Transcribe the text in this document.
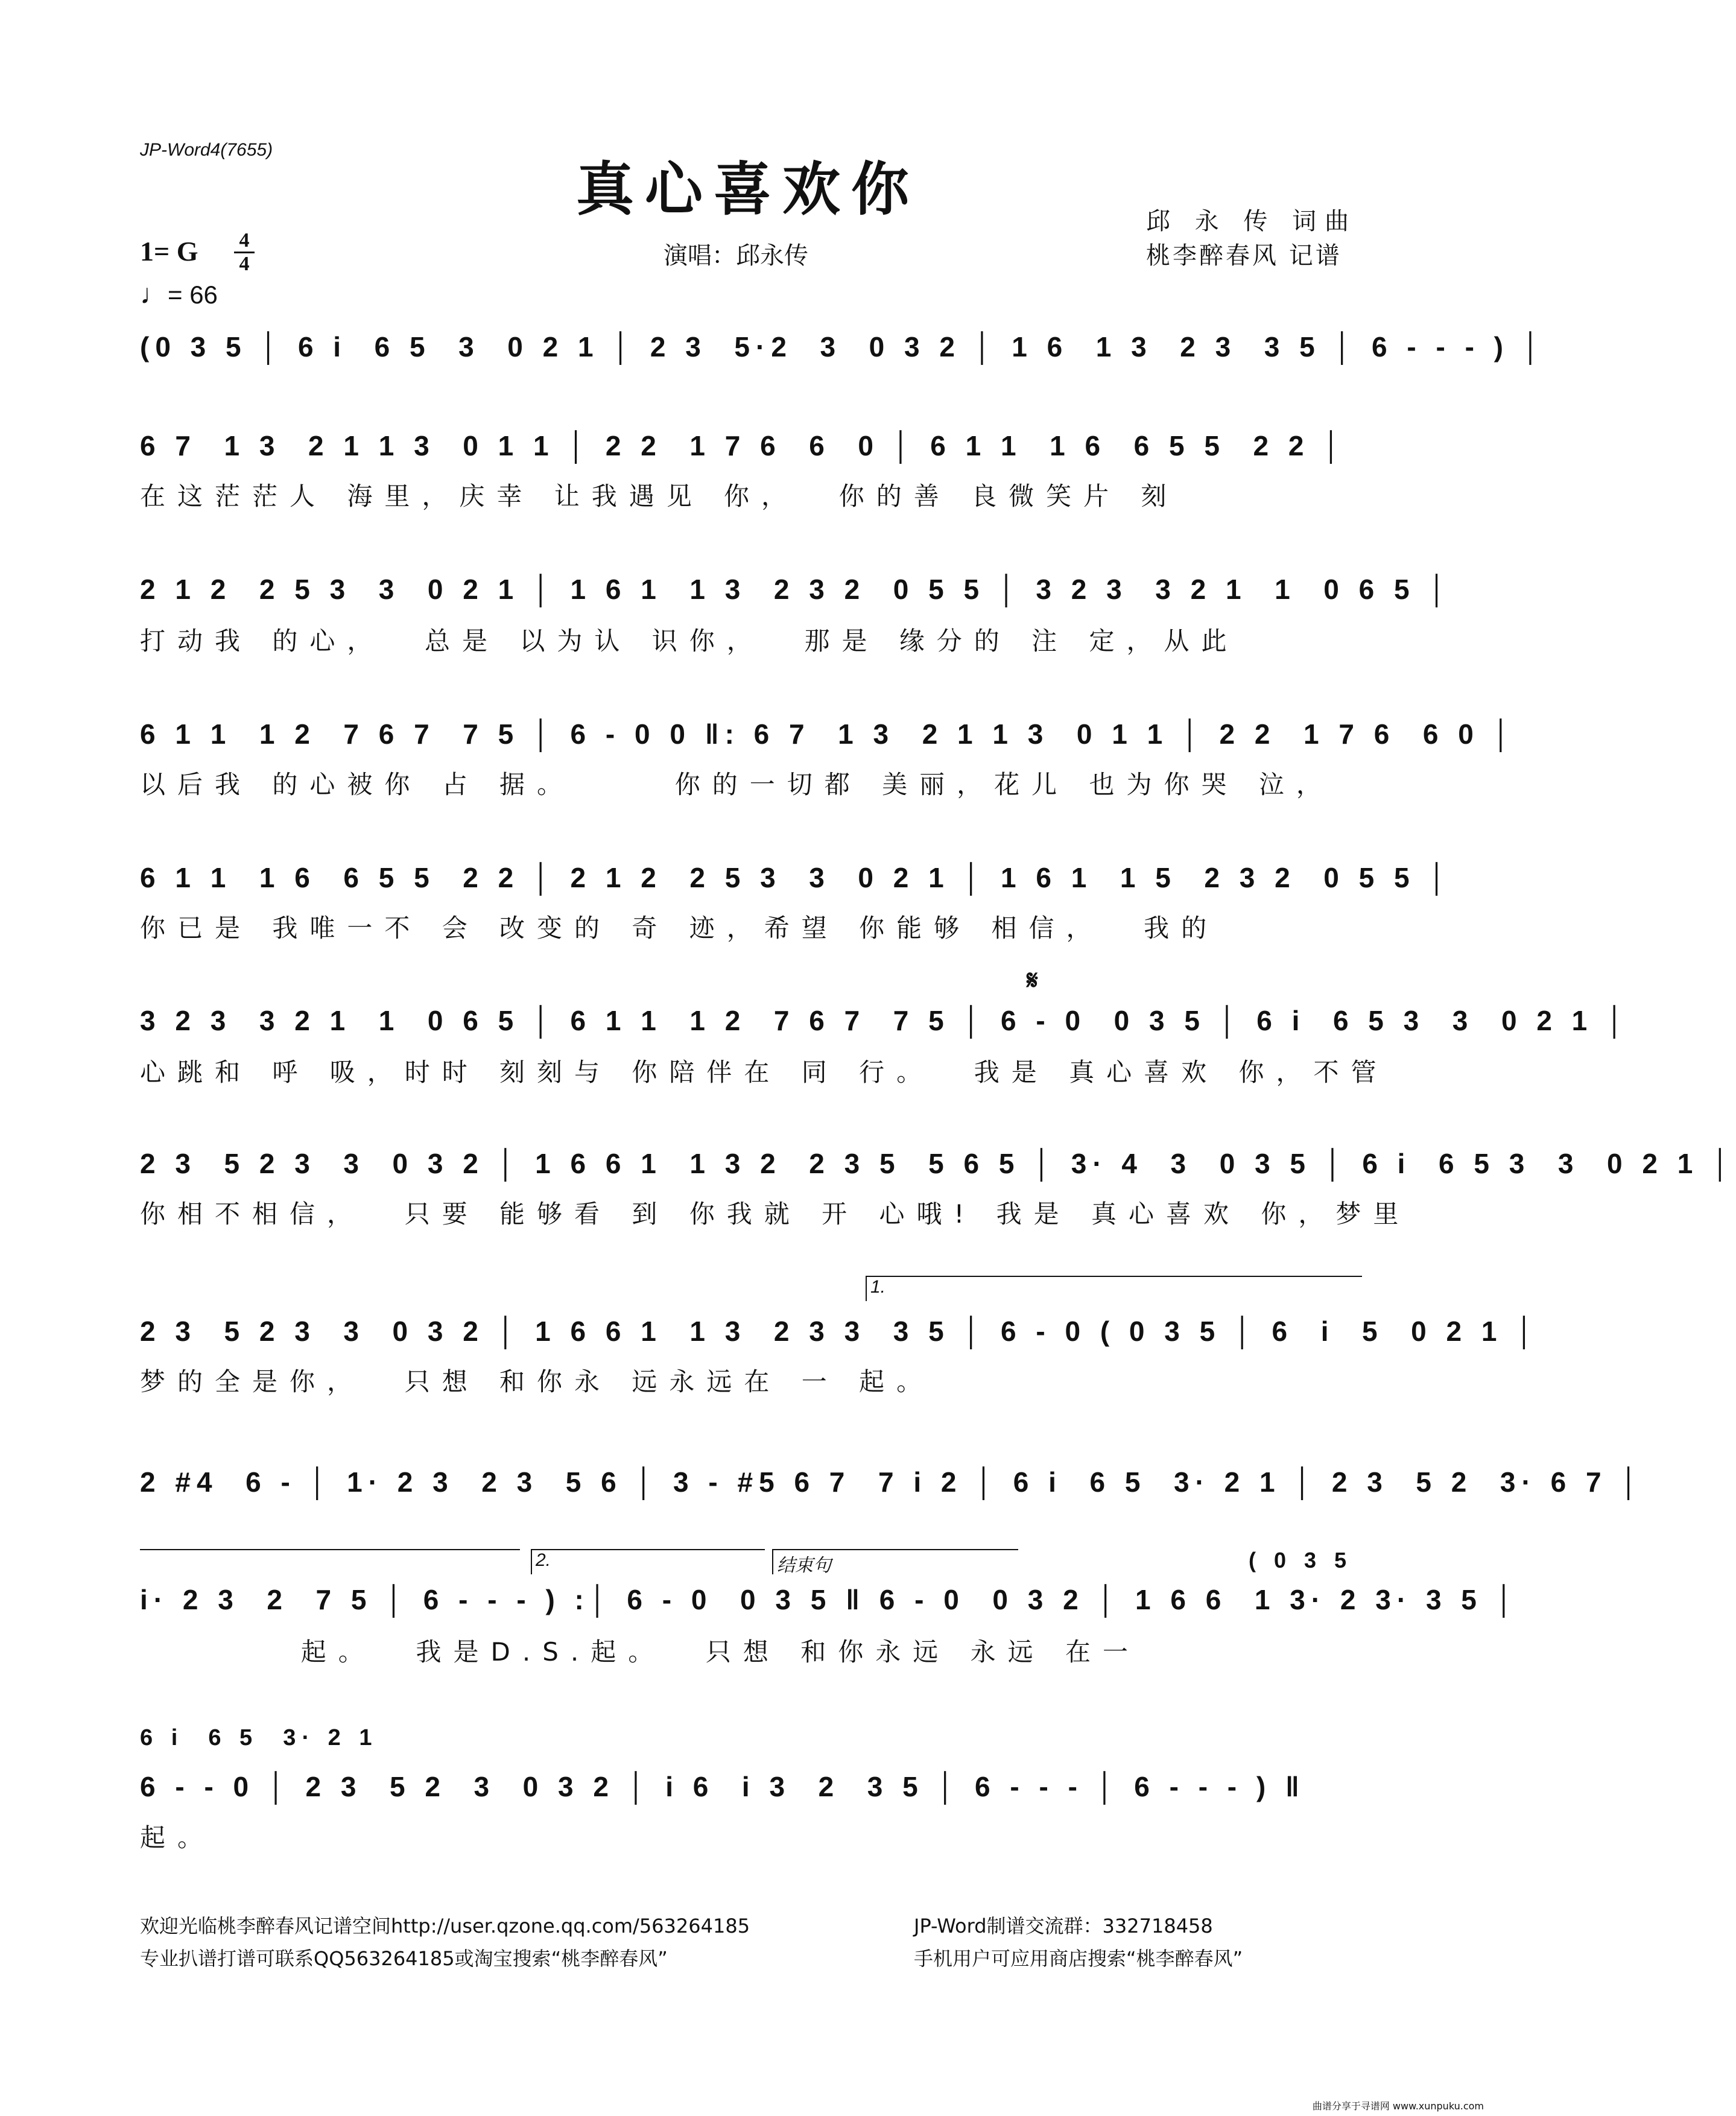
JP-Word4(7655)
真心喜欢你	邱 永 传 词曲
桃李醉春风 记谱
演唱：邱永传
1= G 4
4
♩= 66
(0 3 5 │ 6 i  6 5  3  0 2 1 │ 2 3  5·2  3  0 3 2 │ 1 6  1 3  2 3  3 5 │ 6 - - - ) │
6 7  1 3  2 1 1 3  0 1 1 │ 2 2  1 7 6  6  0 │ 6 1 1  1 6  6 5 5  2 2 │
在这茫茫人 海里，庆幸 让我遇见 你，  你的善 良微笑片 刻
2 1 2  2 5 3  3  0 2 1 │ 1 6 1  1 3  2 3 2  0 5 5 │ 3 2 3  3 2 1  1  0 6 5 │
打动我 的心，  总是 以为认 识你，  那是 缘分的 注 定，从此
6 1 1  1 2  7 6 7  7 5 │ 6 - 0 0 ‖: 6 7  1 3  2 1 1 3  0 1 1 │ 2 2  1 7 6  6 0 │
以后我 的心被你 占 据。     你的一切都 美丽，花儿 也为你哭 泣，
6 1 1  1 6  6 5 5  2 2 │ 2 1 2  2 5 3  3  0 2 1 │ 1 6 1  1 5  2 3 2  0 5 5 │
你已是 我唯一不 会 改变的 奇 迹，希望 你能够 相信，  我的
𝄋
3 2 3  3 2 1  1  0 6 5 │ 6 1 1  1 2  7 6 7  7 5 │ 6 - 0  0 3 5 │ 6 i  6 5 3  3  0 2 1 │
心跳和 呼 吸，时时 刻刻与 你陪伴在 同 行。  我是 真心喜欢 你，不管
2 3  5 2 3  3  0 3 2 │ 1 6 6 1  1 3 2  2 3 5  5 6 5 │ 3· 4  3  0 3 5 │ 6 i  6 5 3  3  0 2 1 │
你相不相信，  只要 能够看 到 你我就 开 心哦! 我是 真心喜欢 你，梦里
1.
2 3  5 2 3  3  0 3 2 │ 1 6 6 1  1 3  2 3 3  3 5 │ 6 - 0 ( 0 3 5 │ 6  i  5  0 2 1 │
梦的全是你，  只想 和你永 远永远在 一 起。
2 #4  6 - │ 1· 2 3  2 3  5 6 │ 3 - #5 6 7  7 i 2 │ 6 i  6 5  3· 2 1 │ 2 3  5 2  3· 6 7 │
2.	结束句	( 0 3 5
i· 2 3  2  7 5 │ 6 - - - ) :│ 6 - 0  0 3 5 ‖ 6 - 0  0 3 2 │ 1 6 6  1 3· 2 3· 3 5 │
起。  我是D.S.起。  只想 和你永远 永远 在一
6 i  6 5  3· 2 1
6 - - 0 │ 2 3  5 2  3  0 3 2 │ i 6  i 3  2  3 5 │ 6 - - - │ 6 - - - ) ‖
起。
欢迎光临桃李醉春风记谱空间http://user.qzone.qq.com/563264185	JP-Word制谱交流群：332718458
专业扒谱打谱可联系QQ563264185或淘宝搜索“桃李醉春风”	手机用户可应用商店搜索“桃李醉春风”
曲谱分享于寻谱网 www.xunpuku.com
